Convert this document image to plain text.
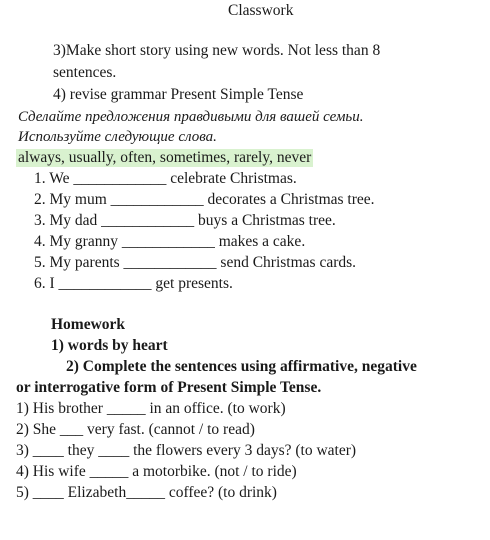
Classwork
3)Make short story using new words. Not less than 8
sentences.
4) revise grammar Present Simple Tense
Сделайте предложения правдивыми для вашей семьи.
Используйте следующие слова.
always, usually, often, sometimes, rarely, never
1. We ____________ celebrate Christmas.
2. My mum ____________ decorates a Christmas tree.
3. My dad ____________ buys a Christmas tree.
4. My granny ____________ makes a cake.
5. My parents ____________ send Christmas cards.
6. I ____________ get presents.
Homework
1) words by heart
2) Complete the sentences using affirmative, negative
or interrogative form of Present Simple Tense.
1) His brother _____ in an office. (to work)
2) She ___ very fast. (cannot / to read)
3) ____ they ____ the flowers every 3 days? (to water)
4) His wife _____ a motorbike. (not / to ride)
5) ____ Elizabeth_____ coffee? (to drink)
